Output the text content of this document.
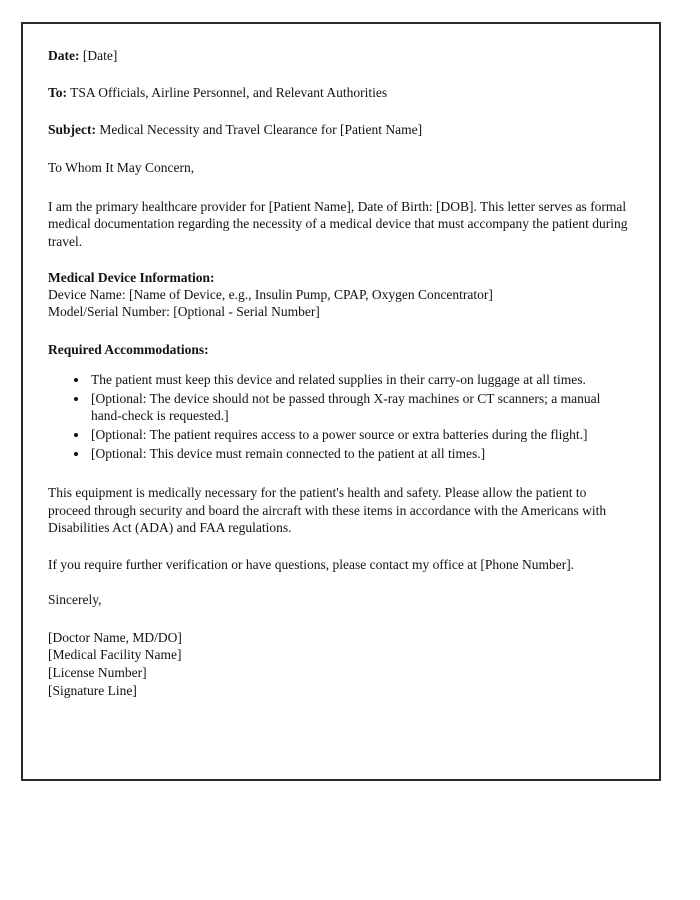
Date: [Date]

To: TSA Officials, Airline Personnel, and Relevant Authorities

Subject: Medical Necessity and Travel Clearance for [Patient Name]

To Whom It May Concern,

I am the primary healthcare provider for [Patient Name], Date of Birth: [DOB]. This letter serves as formal medical documentation regarding the necessity of a medical device that must accompany the patient during travel.

Medical Device Information:

Device Name: [Name of Device, e.g., Insulin Pump, CPAP, Oxygen Concentrator]

Model/Serial Number: [Optional - Serial Number]

Required Accommodations:

• The patient must keep this device and related supplies in their carry-on luggage at all times.
• [Optional: The device should not be passed through X-ray machines or CT scanners; a manual hand-check is requested.]
• [Optional: The patient requires access to a power source or extra batteries during the flight.]
• [Optional: This device must remain connected to the patient at all times.]

This equipment is medically necessary for the patient's health and safety. Please allow the patient to proceed through security and board the aircraft with these items in accordance with the Americans with Disabilities Act (ADA) and FAA regulations.

If you require further verification or have questions, please contact my office at [Phone Number].

Sincerely,

[Doctor Name, MD/DO]

[Medical Facility Name]

[License Number]

[Signature Line]
